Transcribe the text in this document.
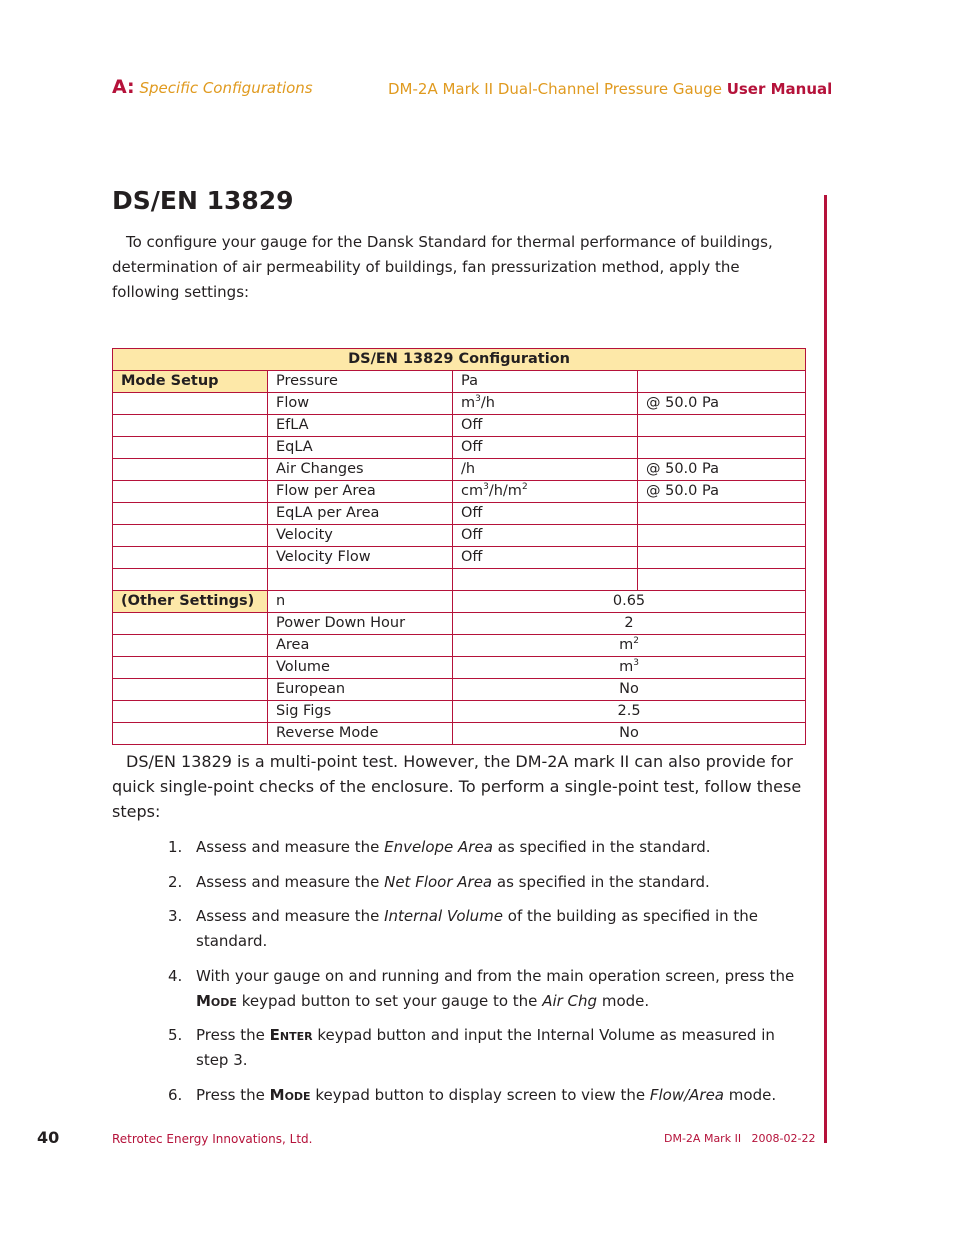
A: Specific Configurations	DM-2A Mark II Dual-Channel Pressure Gauge User Manual
DS/EN 13829
To configure your gauge for the Dansk Standard for thermal performance of buildings, determination of air permeability of buildings, fan pressurization method, apply the following settings:
DS/EN 13829 Configuration			
Mode Setup	Pressure	Pa	
	Flow	$m^3/h$	@ 50.0 Pa
	EfLA	Off	
	EqLA	Off	
	Air Changes	/h	@ 50.0 Pa
	Flow per Area	$cm^3/h/m^2$	@ 50.0 Pa
	EqLA per Area	Off	
	Velocity	Off	
	Velocity Flow	Off	

(Other Settings)	n	0.65	
	Power Down Hour	2	
	Area	$m^2$
	Volume	$m^3$
	European	No	
	Sig Figs	2.5	
	Reverse Mode	No	
DS/EN 13829 is a multi-point test. However, the DM-2A mark II can also provide for quick single-point checks of the enclosure. To perform a single-point test, follow these steps:
1. Assess and measure the Envelope Area as specified in the standard.
2. Assess and measure the Net Floor Area as specified in the standard.
3. Assess and measure the Internal Volume of the building as specified in the standard.
4. With your gauge on and running and from the main operation screen, press the Mode keypad button to set your gauge to the Air Chg mode.
5. Press the Enter keypad button and input the Internal Volume as measured in step 3.
6. Press the Mode keypad button to display screen to view the Flow/Area mode.
40	Retrotec Energy Innovations, Ltd.	DM-2A Mark II   2008-02-22
